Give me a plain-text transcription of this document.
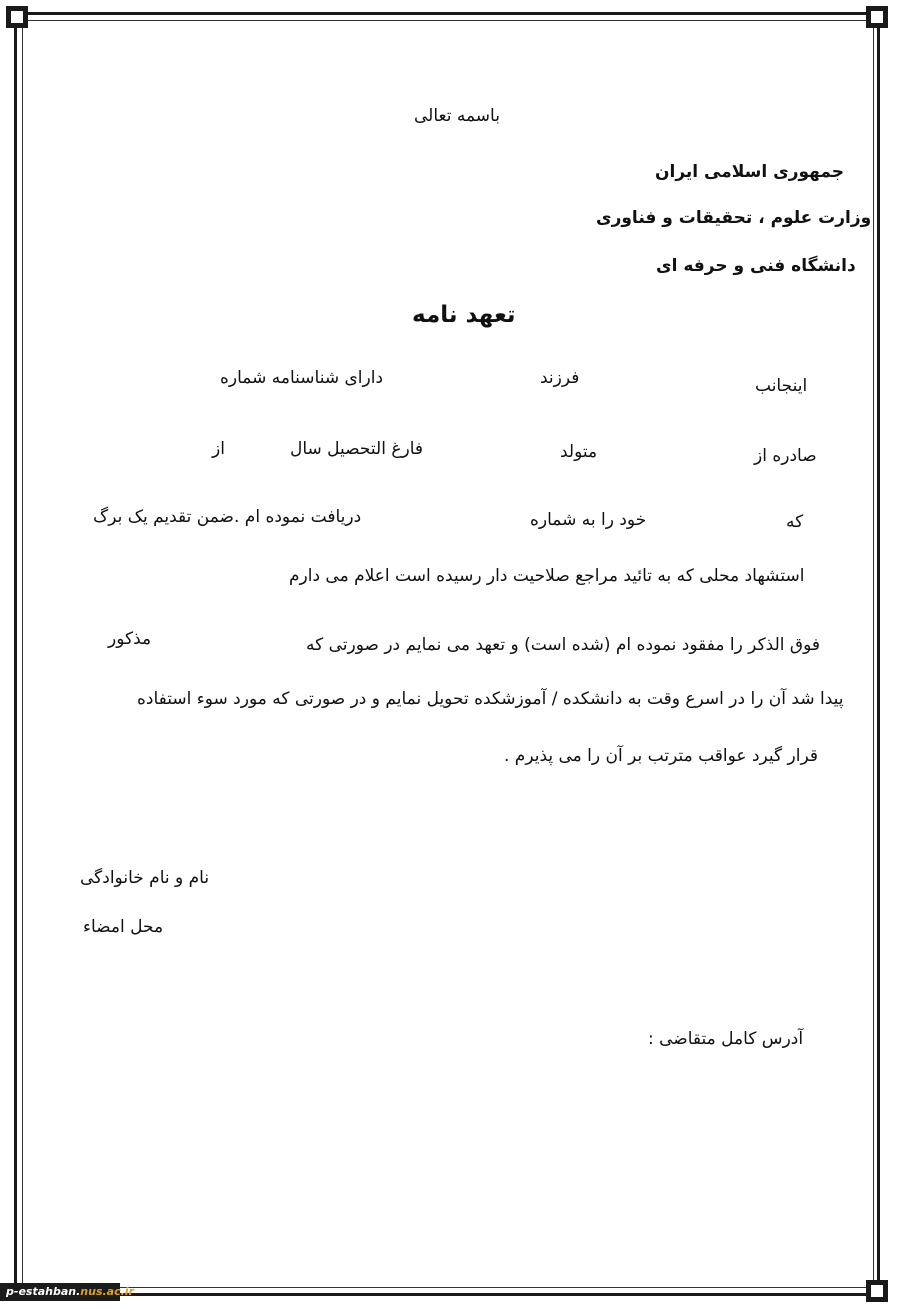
باسمه تعالی
جمهوری اسلامی ایران
وزارت علوم ، تحقیقات و فناوری
دانشگاه فنی و حرفه ای
تعهد نامه
اینجانب
فرزند
دارای شناسنامه شماره
صادره از
متولد
فارغ التحصیل سال
از
که
خود را به شماره
دریافت نموده ام .ضمن تقدیم یک برگ
استشهاد محلی که به تائید مراجع صلاحیت دار رسیده است اعلام می دارم
فوق الذکر را مفقود نموده ام (شده است) و تعهد می نمایم در صورتی که
مذکور
پیدا شد آن را در اسرع وقت به دانشکده / آموزشکده تحویل نمایم و در صورتی که مورد سوء استفاده
قرار گیرد عواقب مترتب بر آن را می پذیرم .
نام و نام خانوادگی
محل امضاء
آدرس کامل متقاضی :
p-estahban.nus.ac.ir
